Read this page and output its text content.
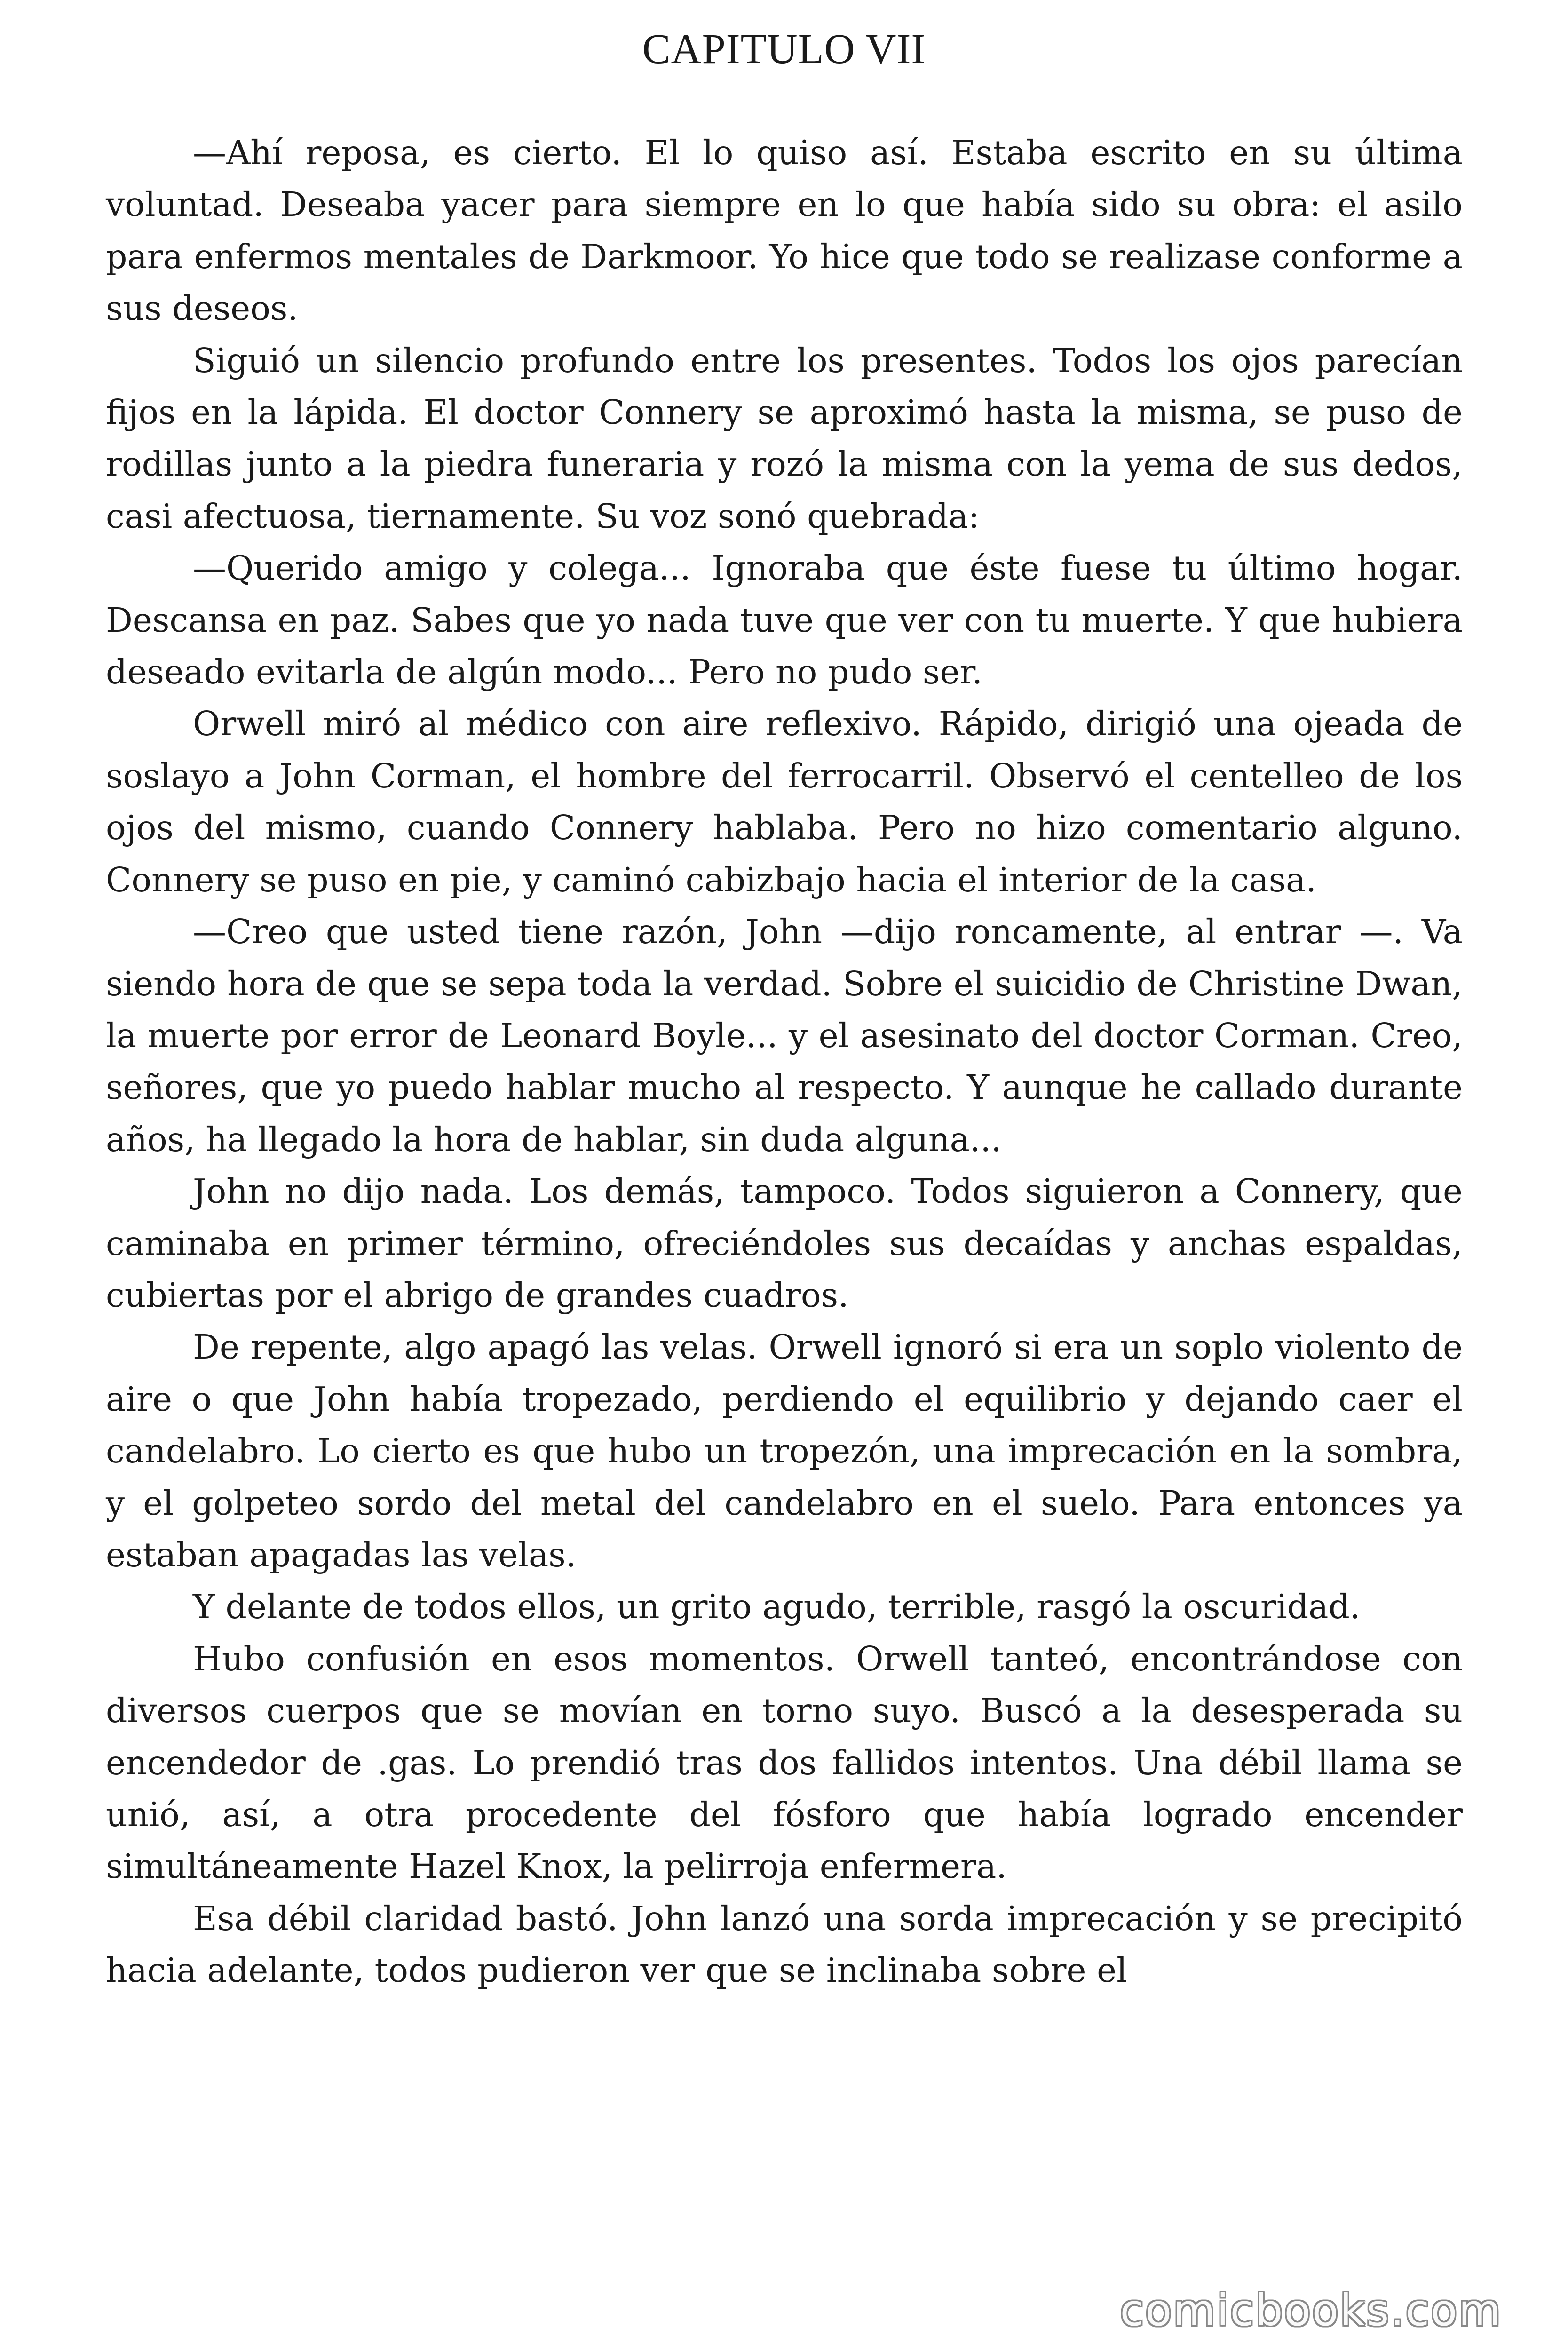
CAPITULO VII

—Ahí reposa, es cierto. El lo quiso así. Estaba escrito en su última voluntad. Deseaba yacer para siempre en lo que había sido su obra: el asilo para enfermos mentales de Darkmoor. Yo hice que todo se realizase conforme a sus deseos.

Siguió un silencio profundo entre los presentes. Todos los ojos parecían fijos en la lápida. El doctor Connery se aproximó hasta la misma, se puso de rodillas junto a la piedra funeraria y rozó la misma con la yema de sus dedos, casi afectuosa, tiernamente. Su voz sonó quebrada:

—Querido amigo y colega... Ignoraba que éste fuese tu último hogar. Descansa en paz. Sabes que yo nada tuve que ver con tu muerte. Y que hubiera deseado evitarla de algún modo... Pero no pudo ser.

Orwell miró al médico con aire reflexivo. Rápido, dirigió una ojeada de soslayo a John Corman, el hombre del ferrocarril. Observó el centelleo de los ojos del mismo, cuando Connery hablaba. Pero no hizo comentario alguno. Connery se puso en pie, y caminó cabizbajo hacia el interior de la casa.

—Creo que usted tiene razón, John —dijo roncamente, al entrar —. Va siendo hora de que se sepa toda la verdad. Sobre el suicidio de Christine Dwan, la muerte por error de Leonard Boyle... y el asesinato del doctor Corman. Creo, señores, que yo puedo hablar mucho al respecto. Y aunque he callado durante años, ha llegado la hora de hablar, sin duda alguna...

John no dijo nada. Los demás, tampoco. Todos siguieron a Connery, que caminaba en primer término, ofreciéndoles sus decaídas y anchas espaldas, cubiertas por el abrigo de grandes cuadros.

De repente, algo apagó las velas. Orwell ignoró si era un soplo violento de aire o que John había tropezado, perdiendo el equilibrio y dejando caer el candelabro. Lo cierto es que hubo un tropezón, una imprecación en la sombra, y el golpeteo sordo del metal del candelabro en el suelo. Para entonces ya estaban apagadas las velas.

Y delante de todos ellos, un grito agudo, terrible, rasgó la oscuridad.

Hubo confusión en esos momentos. Orwell tanteó, encontrándose con diversos cuerpos que se movían en torno suyo. Buscó a la desesperada su encendedor de .gas. Lo prendió tras dos fallidos intentos. Una débil llama se unió, así, a otra procedente del fósforo que había logrado encender simultáneamente Hazel Knox, la pelirroja enfermera.

Esa débil claridad bastó. John lanzó una sorda imprecación y se precipitó hacia adelante, todos pudieron ver que se inclinaba sobre el

comicbooks.com
